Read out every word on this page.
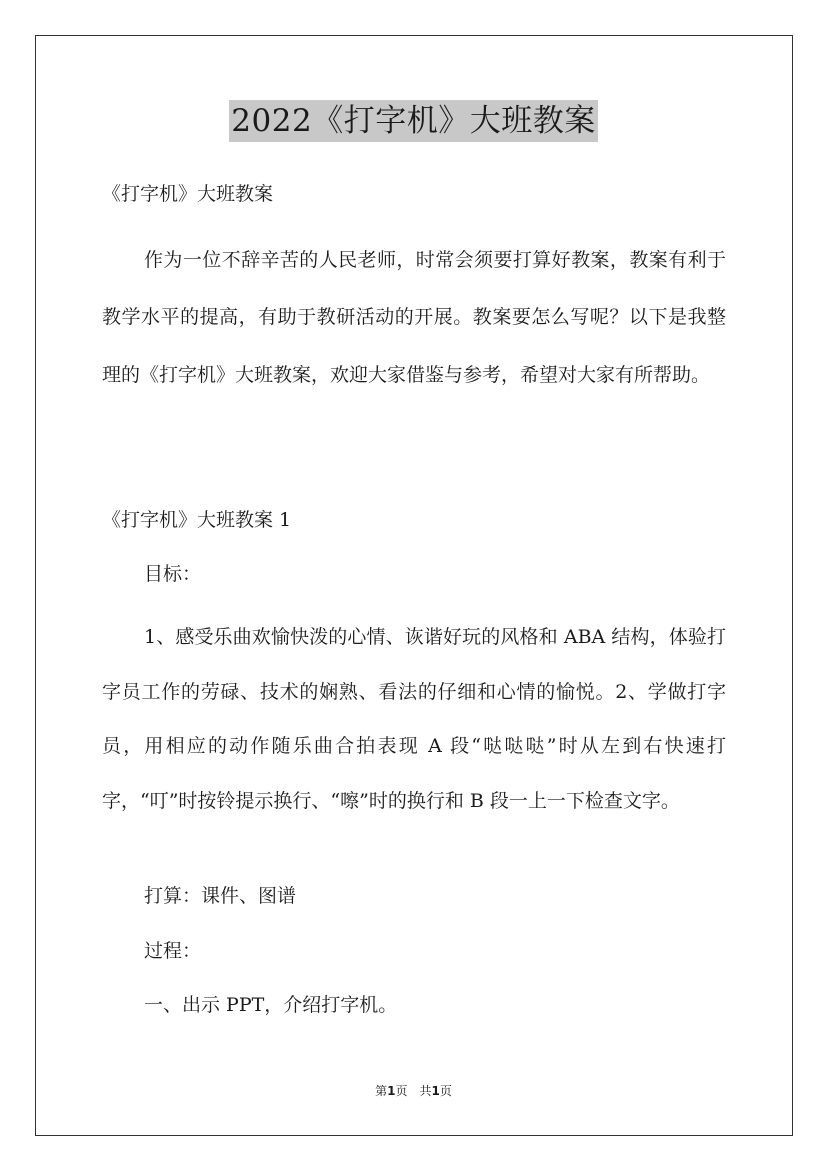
2022《打字机》大班教案

《打字机》大班教案

作为一位不辞辛苦的人民老师，时常会须要打算好教案，教案有利于教学水平的提高，有助于教研活动的开展。教案要怎么写呢？以下是我整理的《打字机》大班教案，欢迎大家借鉴与参考，希望对大家有所帮助。

《打字机》大班教案 1

目标：

1、感受乐曲欢愉快泼的心情、诙谐好玩的风格和 ABA 结构，体验打字员工作的劳碌、技术的娴熟、看法的仔细和心情的愉悦。2、学做打字员，用相应的动作随乐曲合拍表现 A 段“哒哒哒”时从左到右快速打字，“叮”时按铃提示换行、“嚓”时的换行和 B 段一上一下检查文字。

打算：课件、图谱

过程：

一、出示 PPT，介绍打字机。

第1页　共1页
